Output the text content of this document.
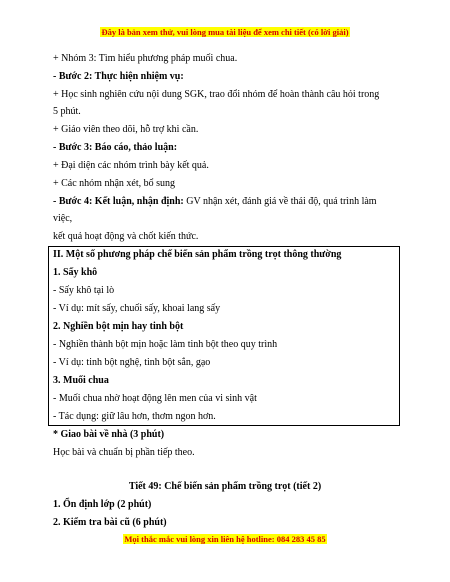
Đây là bản xem thử, vui lòng mua tài liệu để xem chi tiết (có lời giải)
+ Nhóm 3: Tìm hiểu phương pháp muối chua.
- Bước 2: Thực hiện nhiệm vụ:
+ Học sinh nghiên cứu nội dung SGK, trao đổi nhóm để hoàn thành câu hỏi trong
5 phút.
+ Giáo viên theo dõi, hỗ trợ khi cần.
- Bước 3: Báo cáo, thảo luận:
+ Đại diện các nhóm trình bày kết quả.
+ Các nhóm nhận xét, bổ sung
- Bước 4: Kết luận, nhận định: GV nhận xét, đánh giá về thái độ, quá trình làm
việc,
kết quả hoạt động và chốt kiến thức.
II. Một số phương pháp chế biến sản phẩm trồng trọt thông thường
1. Sấy khô
- Sấy khô tại lò
- Ví dụ: mít sấy, chuối sấy, khoai lang sấy
2. Nghiền bột mịn hay tinh bột
- Nghiền thành bột mịn hoặc làm tinh bột theo quy trình
- Ví dụ: tinh bột nghệ, tinh bột sắn, gạo
3. Muối chua
- Muối chua nhờ hoạt động lên men của vi sinh vật
- Tác dụng: giữ lâu hơn, thơm ngon hơn.
* Giao bài về nhà (3 phút)
Học bài và chuẩn bị phần tiếp theo.
Tiết 49: Chế biến sản phẩm trồng trọt (tiết 2)
1. Ổn định lớp (2 phút)
2. Kiểm tra bài cũ (6 phút)
Mọi thắc mắc vui lòng xin liên hệ hotline: 084 283 45 85
